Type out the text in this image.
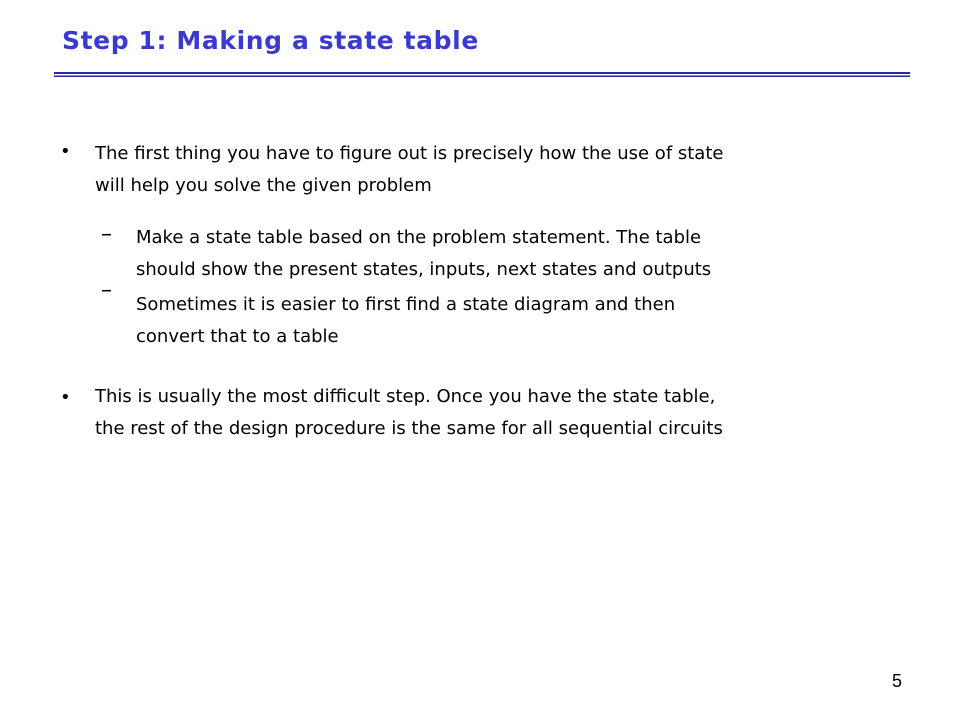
Step 1: Making a state table
• The first thing you have to figure out is precisely how the use of state
will help you solve the given problem
– Make a state table based on the problem statement. The table
should show the present states, inputs, next states and outputs
–
Sometimes it is easier to first find a state diagram and then
convert that to a table
• This is usually the most difficult step. Once you have the state table,
the rest of the design procedure is the same for all sequential circuits
5
